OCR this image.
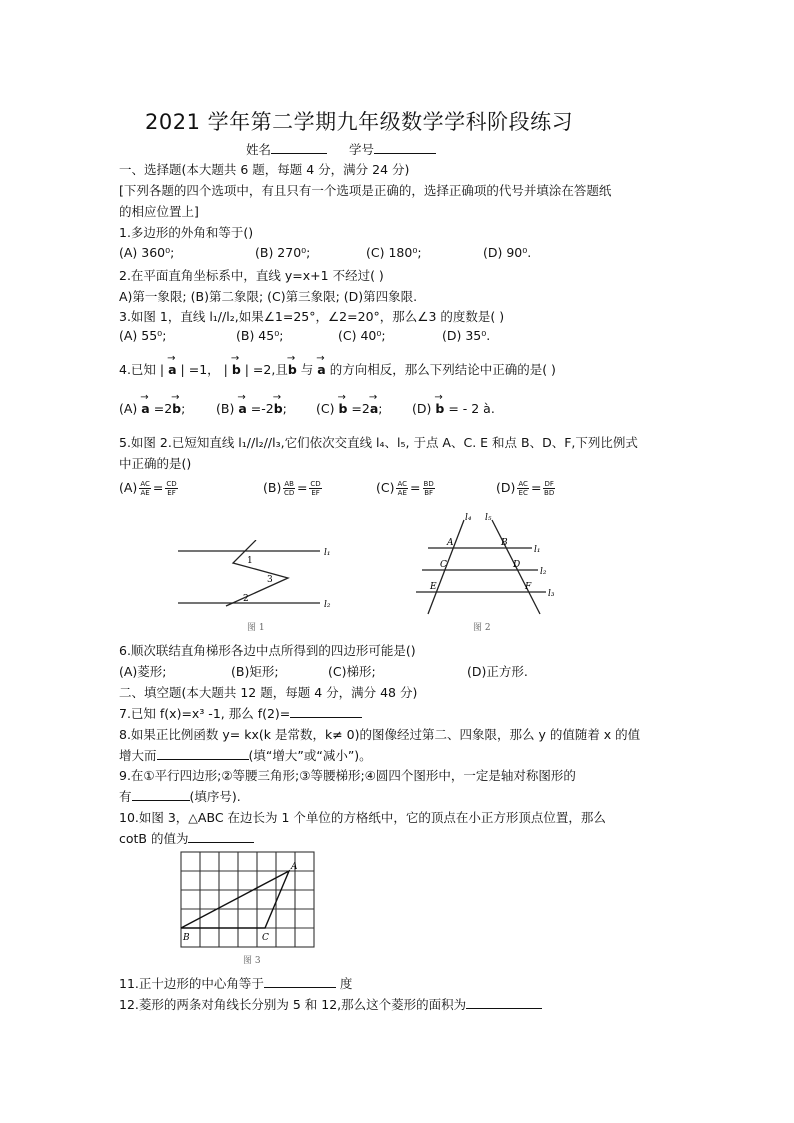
2021 学年第二学期九年级数学学科阶段练习
姓名	学号
一、选择题(本大题共 6 题，每题 4 分，满分 24 分)
[下列各题的四个选项中，有且只有一个选项是正确的，选择正确项的代号并填涂在答题纸
的相应位置上]
1.多边形的外角和等于()
(A) 360⁰;	(B) 270⁰;	(C) 180⁰;	(D) 90⁰.
2.在平面直角坐标系中，直线 y=x+1 不经过( )
A)第一象限; (B)第二象限; (C)第三象限; (D)第四象限.
3.如图 1，直线 l₁//l₂,如果∠1=25°，∠2=20°，那么∠3 的度数是( )
(A) 55⁰;	(B) 45⁰;	(C) 40⁰;	(D) 35⁰.
4.已知 | → a | =1， | → b | =2,且→ b 与 → a 的方向相反，那么下列结论中正确的是( )
(A) → a =2→ b; (B) → a =-2→ b; (C) → b =2→ a; (D) → b = - 2 à.
5.如图 2.已短知直线 l₁//l₂//l₃,它们依次交直线 l₄、l₅, 于点 A、C. E 和点 B、D、F,下列比例式
中正确的是()
$(A) \frac{AC}{AE} = \frac{CD}{EF}$	$(B) \frac{AB}{CD} = \frac{CD}{EF}$	$(C) \frac{AC}{AE} = \frac{BD}{BF}$	$(D) \frac{AC}{EC} = \frac{DF}{BD}$
l₁
l₂
1
3
2
图 1
l₄ l₅
l₁
l₂
l₃
A	B
C	D
E	F
图 2
6.顺次联结直角梯形各边中点所得到的四边形可能是()
(A)菱形;	(B)矩形;	(C)梯形;	(D)正方形.
二、填空题(本大题共 12 题，每题 4 分，满分 48 分)
7.已知 f(x)=x³ -1, 那么 f(2)=
8.如果正比例函数 y= kx(k 是常数，k≠ 0)的图像经过第二、四象限，那么 y 的值随着 x 的值
增大而	(填“增大”或“减小”)。
9.在①平行四边形;②等腰三角形;③等腰梯形;④圆四个图形中，一定是轴对称图形的
有	(填序号).
10.如图 3，△ABC 在边长为 1 个单位的方格纸中，它的顶点在小正方形顶点位置，那么
cotB 的值为
A
B	C
图 3
11.正十边形的中心角等于	度
12.菱形的两条对角线长分别为 5 和 12,那么这个菱形的面积为
